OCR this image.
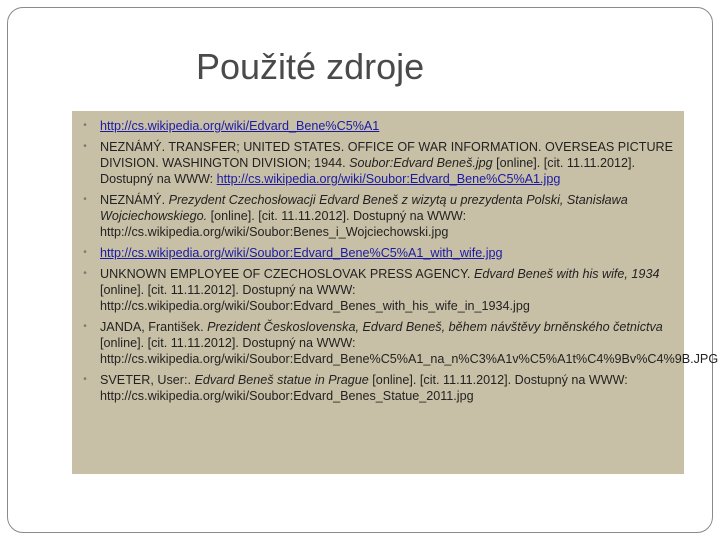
Použité zdroje
• http://cs.wikipedia.org/wiki/Edvard_Bene%C5%A1
• NEZNÁMÝ. TRANSFER; UNITED STATES. OFFICE OF WAR INFORMATION. OVERSEAS PICTURE DIVISION. WASHINGTON DIVISION; 1944. Soubor:Edvard Beneš.jpg [online]. [cit. 11.11.2012]. Dostupný na WWW: http://cs.wikipedia.org/wiki/Soubor:Edvard_Bene%C5%A1.jpg
• NEZNÁMÝ. Prezydent Czechosłowacji Edvard Beneš z wizytą u prezydenta Polski, Stanisława Wojciechowskiego. [online]. [cit. 11.11.2012]. Dostupný na WWW: http://cs.wikipedia.org/wiki/Soubor:Benes_i_Wojciechowski.jpg
• http://cs.wikipedia.org/wiki/Soubor:Edvard_Bene%C5%A1_with_wife.jpg
• UNKNOWN EMPLOYEE OF CZECHOSLOVAK PRESS AGENCY. Edvard Beneš with his wife, 1934 [online]. [cit. 11.11.2012]. Dostupný na WWW: http://cs.wikipedia.org/wiki/Soubor:Edvard_Benes_with_his_wife_in_1934.jpg
• JANDA, František. Prezident Československa, Edvard Beneš, během návštěvy brněnského četnictva [online]. [cit. 11.11.2012]. Dostupný na WWW: http://cs.wikipedia.org/wiki/Soubor:Edvard_Bene%C5%A1_na_n%C3%A1v%C5%A1t%C4%9Bv%C4%9B.JPG
• SVETER, User:. Edvard Beneš statue in Prague [online]. [cit. 11.11.2012]. Dostupný na WWW: http://cs.wikipedia.org/wiki/Soubor:Edvard_Benes_Statue_2011.jpg
